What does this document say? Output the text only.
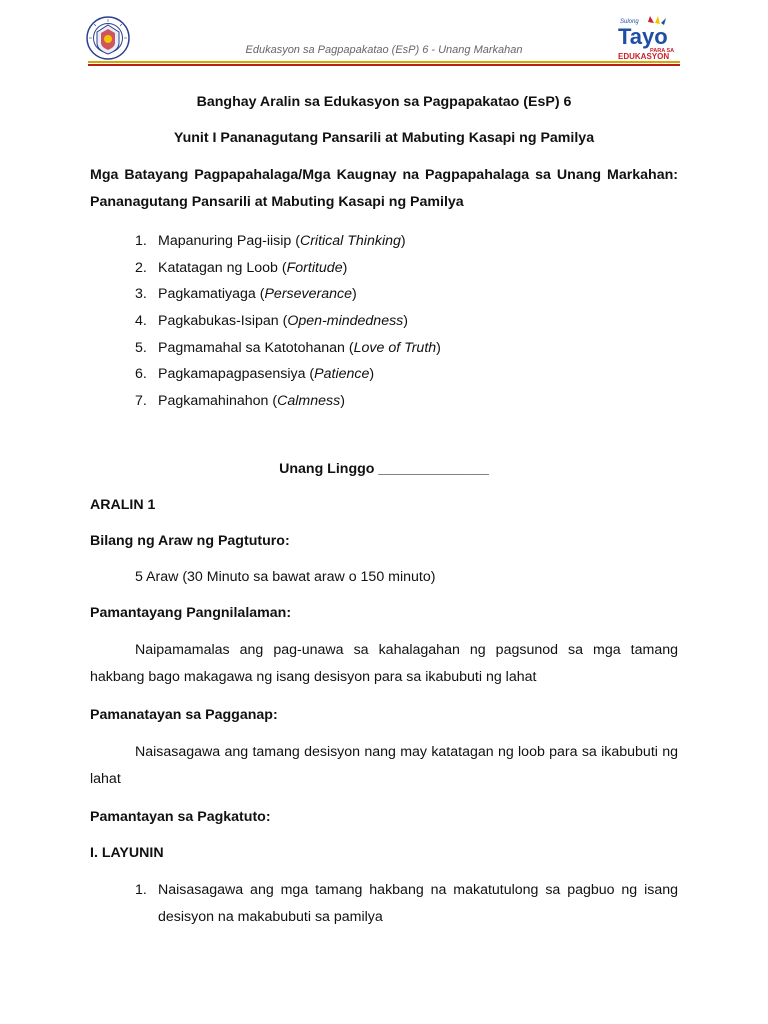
Edukasyon sa Pagpapakatao (EsP) 6 - Unang Markahan
Sulong
Tayo
PARA SA
EDUKASYON

Banghay Aralin sa Edukasyon sa Pagpapakatao (EsP) 6

Yunit I Pananagutang Pansarili at Mabuting Kasapi ng Pamilya

Mga Batayang Pagpapahalaga/Mga Kaugnay na Pagpapahalaga sa Unang Markahan: Pananagutang Pansarili at Mabuting Kasapi ng Pamilya

1. Mapanuring Pag-iisip (Critical Thinking)
2. Katatagan ng Loob (Fortitude)
3. Pagkamatiyaga (Perseverance)
4. Pagkabukas-Isipan (Open-mindedness)
5. Pagmamahal sa Katotohanan (Love of Truth)
6. Pagkamapagpasensiya (Patience)
7. Pagkamahinahon (Calmness)

Unang Linggo ______________

ARALIN 1

Bilang ng Araw ng Pagtuturo:

5 Araw (30 Minuto sa bawat araw o 150 minuto)

Pamantayang Pangnilalaman:

Naipamamalas ang pag-unawa sa kahalagahan ng pagsunod sa mga tamang hakbang bago makagawa ng isang desisyon para sa ikabubuti ng lahat

Pamanatayan sa Pagganap:

Naisasagawa ang tamang desisyon nang may katatagan ng loob para sa ikabubuti ng lahat

Pamantayan sa Pagkatuto:

I. LAYUNIN

1. Naisasagawa ang mga tamang hakbang na makatutulong sa pagbuo ng isang desisyon na makabubuti sa pamilya
